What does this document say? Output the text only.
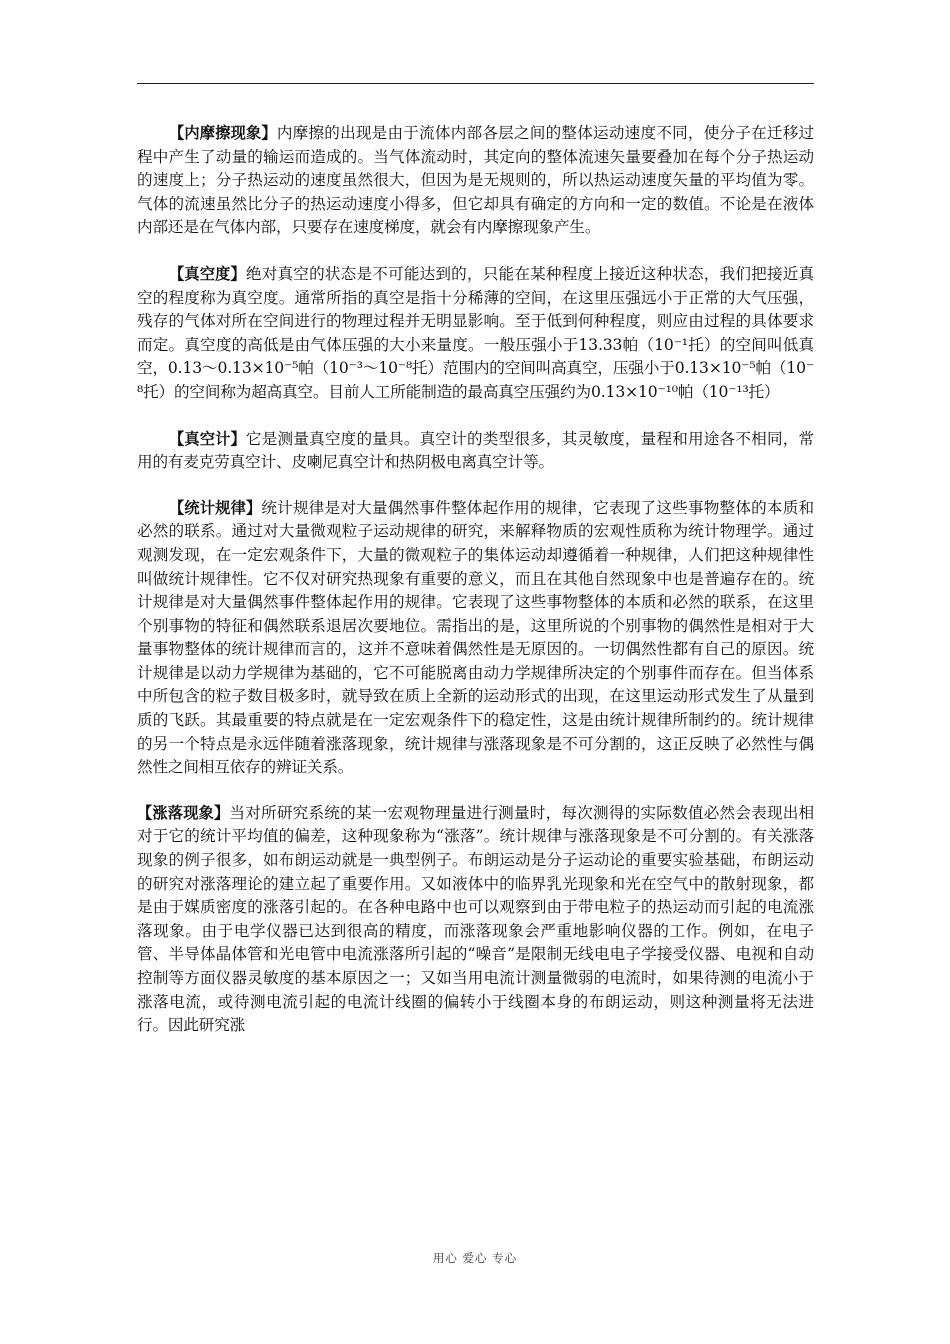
【内摩擦现象】内摩擦的出现是由于流体内部各层之间的整体运动速度不同，使分子在迁移过程中产生了动量的输运而造成的。当气体流动时，其定向的整体流速矢量要叠加在每个分子热运动的速度上；分子热运动的速度虽然很大，但因为是无规则的，所以热运动速度矢量的平均值为零。气体的流速虽然比分子的热运动速度小得多，但它却具有确定的方向和一定的数值。不论是在液体内部还是在气体内部，只要存在速度梯度，就会有内摩擦现象产生。

【真空度】绝对真空的状态是不可能达到的，只能在某种程度上接近这种状态，我们把接近真空的程度称为真空度。通常所指的真空是指十分稀薄的空间，在这里压强远小于正常的大气压强，残存的气体对所在空间进行的物理过程并无明显影响。至于低到何种程度，则应由过程的具体要求而定。真空度的高低是由气体压强的大小来量度。一般压强小于13.33帕（10⁻¹托）的空间叫低真空，0.13～0.13×10⁻⁵帕（10⁻³～10⁻⁸托）范围内的空间叫高真空，压强小于0.13×10⁻⁵帕（10⁻⁸托）的空间称为超高真空。目前人工所能制造的最高真空压强约为0.13×10⁻¹⁰帕（10⁻¹³托）

【真空计】它是测量真空度的量具。真空计的类型很多，其灵敏度，量程和用途各不相同，常用的有麦克劳真空计、皮喇尼真空计和热阴极电离真空计等。

【统计规律】统计规律是对大量偶然事件整体起作用的规律，它表现了这些事物整体的本质和必然的联系。通过对大量微观粒子运动规律的研究，来解释物质的宏观性质称为统计物理学。通过观测发现，在一定宏观条件下，大量的微观粒子的集体运动却遵循着一种规律，人们把这种规律性叫做统计规律性。它不仅对研究热现象有重要的意义，而且在其他自然现象中也是普遍存在的。统计规律是对大量偶然事件整体起作用的规律。它表现了这些事物整体的本质和必然的联系，在这里个别事物的特征和偶然联系退居次要地位。需指出的是，这里所说的个别事物的偶然性是相对于大量事物整体的统计规律而言的，这并不意味着偶然性是无原因的。一切偶然性都有自己的原因。统计规律是以动力学规律为基础的，它不可能脱离由动力学规律所决定的个别事件而存在。但当体系中所包含的粒子数目极多时，就导致在质上全新的运动形式的出现，在这里运动形式发生了从量到质的飞跃。其最重要的特点就是在一定宏观条件下的稳定性，这是由统计规律所制约的。统计规律的另一个特点是永远伴随着涨落现象，统计规律与涨落现象是不可分割的，这正反映了必然性与偶然性之间相互依存的辨证关系。

【涨落现象】当对所研究系统的某一宏观物理量进行测量时，每次测得的实际数值必然会表现出相对于它的统计平均值的偏差，这种现象称为“涨落”。统计规律与涨落现象是不可分割的。有关涨落现象的例子很多，如布朗运动就是一典型例子。布朗运动是分子运动论的重要实验基础，布朗运动的研究对涨落理论的建立起了重要作用。又如液体中的临界乳光现象和光在空气中的散射现象，都是由于媒质密度的涨落引起的。在各种电路中也可以观察到由于带电粒子的热运动而引起的电流涨落现象。由于电学仪器已达到很高的精度，而涨落现象会严重地影响仪器的工作。例如，在电子管、半导体晶体管和光电管中电流涨落所引起的“噪音”是限制无线电电子学接受仪器、电视和自动控制等方面仪器灵敏度的基本原因之一；又如当用电流计测量微弱的电流时，如果待测的电流小于涨落电流，或待测电流引起的电流计线圈的偏转小于线圈本身的布朗运动，则这种测量将无法进行。因此研究涨

用心 爱心 专心
